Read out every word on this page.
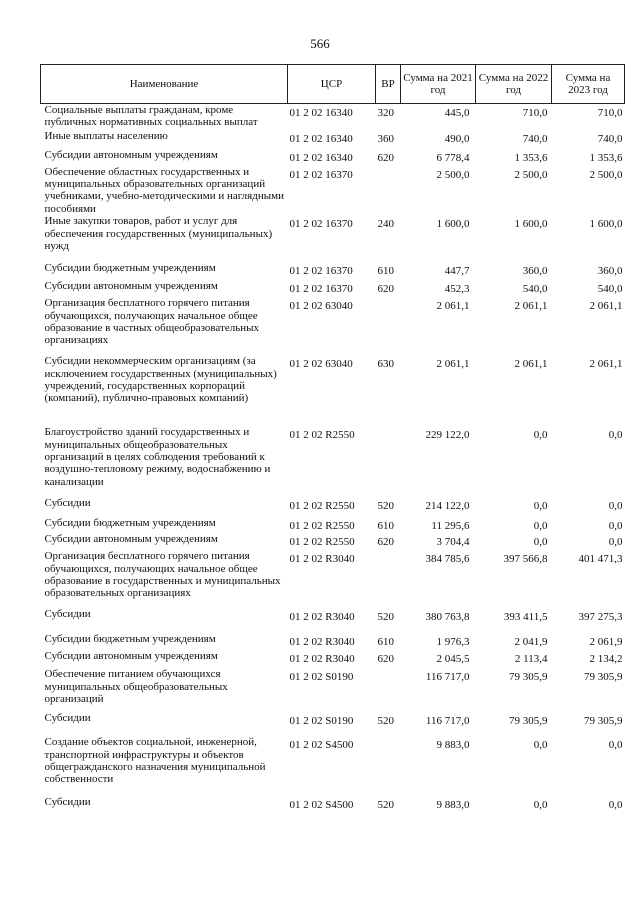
566
Наименование	ЦСР	ВР	Сумма на 2021 год	Сумма на 2022 год	Сумма на 2023 год
Социальные выплаты гражданам, кроме публичных нормативных социальных выплат	01 2 02 16340	320	445,0	710,0	710,0
Иные выплаты населению	01 2 02 16340	360	490,0	740,0	740,0
Субсидии автономным учреждениям	01 2 02 16340	620	6 778,4	1 353,6	1 353,6
Обеспечение областных государственных и муниципальных образовательных организаций учебниками, учебно-методическими и наглядными пособиями	01 2 02 16370		2 500,0	2 500,0	2 500,0
Иные закупки товаров, работ и услуг для обеспечения государственных (муниципальных) нужд	01 2 02 16370	240	1 600,0	1 600,0	1 600,0
Субсидии бюджетным учреждениям	01 2 02 16370	610	447,7	360,0	360,0
Субсидии автономным учреждениям	01 2 02 16370	620	452,3	540,0	540,0
Организация бесплатного горячего питания обучающихся, получающих начальное общее образование в частных общеобразовательных организациях	01 2 02 63040		2 061,1	2 061,1	2 061,1
Субсидии некоммерческим организациям (за исключением государственных (муниципальных) учреждений, государственных корпораций (компаний), публично-правовых компаний)	01 2 02 63040	630	2 061,1	2 061,1	2 061,1
Благоустройство зданий государственных и муниципальных общеобразовательных организаций в целях соблюдения требований к воздушно-тепловому режиму, водоснабжению и канализации	01 2 02 R2550		229 122,0	0,0	0,0
Субсидии	01 2 02 R2550	520	214 122,0	0,0	0,0
Субсидии бюджетным учреждениям	01 2 02 R2550	610	11 295,6	0,0	0,0
Субсидии автономным учреждениям	01 2 02 R2550	620	3 704,4	0,0	0,0
Организация бесплатного горячего питания обучающихся, получающих начальное общее образование в государственных и муниципальных образовательных организациях	01 2 02 R3040		384 785,6	397 566,8	401 471,3
Субсидии	01 2 02 R3040	520	380 763,8	393 411,5	397 275,3
Субсидии бюджетным учреждениям	01 2 02 R3040	610	1 976,3	2 041,9	2 061,9
Субсидии автономным учреждениям	01 2 02 R3040	620	2 045,5	2 113,4	2 134,2
Обеспечение питанием обучающихся муниципальных общеобразовательных организаций	01 2 02 S0190		116 717,0	79 305,9	79 305,9
Субсидии	01 2 02 S0190	520	116 717,0	79 305,9	79 305,9
Создание объектов социальной, инженерной, транспортной инфраструктуры и объектов общегражданского назначения муниципальной собственности	01 2 02 S4500		9 883,0	0,0	0,0
Субсидии	01 2 02 S4500	520	9 883,0	0,0	0,0
